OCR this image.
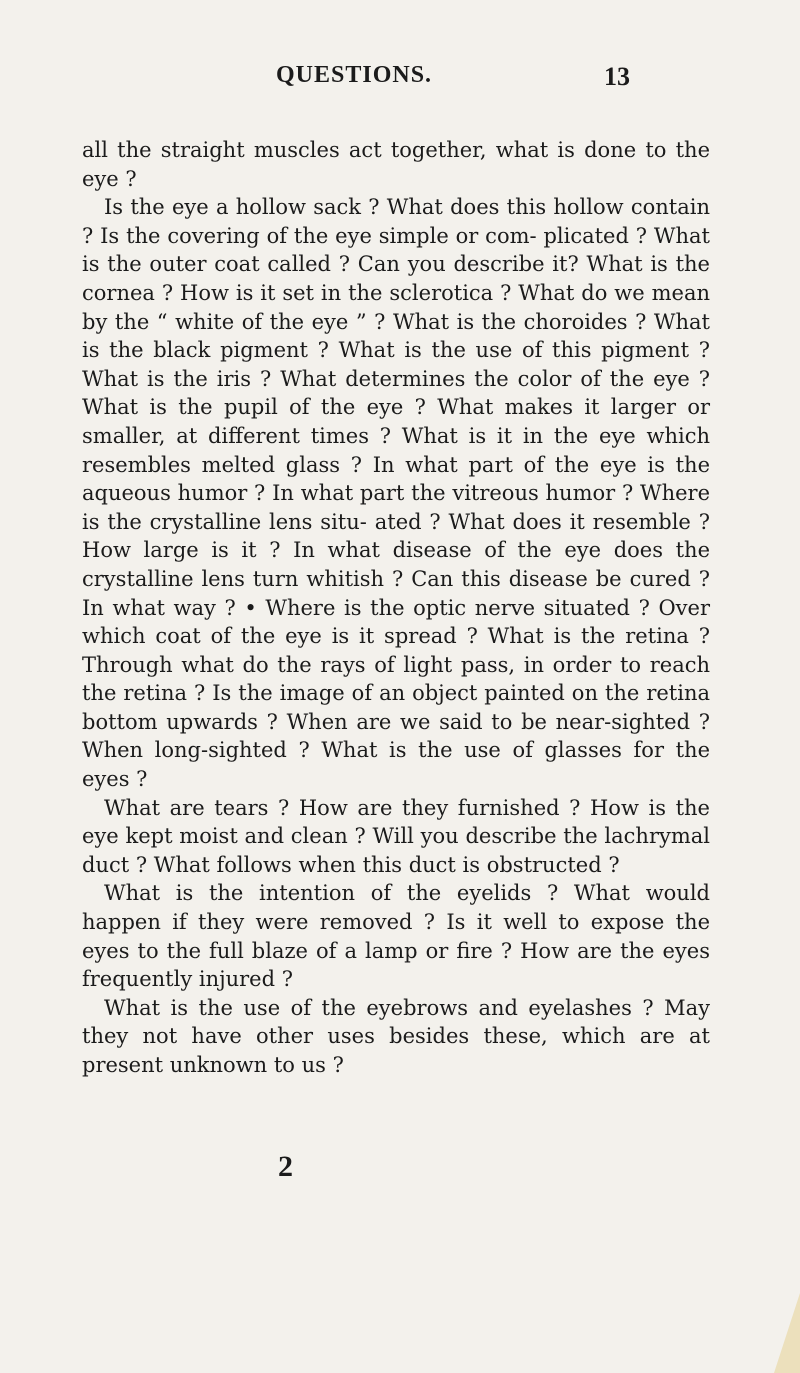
QUESTIONS.	13

all the straight muscles act together, what is done to the eye ?

Is the eye a hollow sack ? What does this hollow contain ? Is the covering of the eye simple or com- plicated ? What is the outer coat called ? Can you describe it? What is the cornea ? How is it set in the sclerotica ? What do we mean by the “ white of the eye ” ? What is the choroides ? What is the black pigment ? What is the use of this pigment ? What is the iris ? What determines the color of the eye ? What is the pupil of the eye ? What makes it larger or smaller, at different times ? What is it in the eye which resembles melted glass ? In what part of the eye is the aqueous humor ? In what part the vitreous humor ? Where is the crystalline lens situ- ated ? What does it resemble ? How large is it ? In what disease of the eye does the crystalline lens turn whitish ? Can this disease be cured ? In what way ? • Where is the optic nerve situated ? Over which coat of the eye is it spread ? What is the retina ? Through what do the rays of light pass, in order to reach the retina ? Is the image of an object painted on the retina bottom upwards ? When are we said to be near-sighted ? When long-sighted ? What is the use of glasses for the eyes ?

What are tears ? How are they furnished ? How is the eye kept moist and clean ? Will you describe the lachrymal duct ? What follows when this duct is obstructed ?

What is the intention of the eyelids ? What would happen if they were removed ? Is it well to expose the eyes to the full blaze of a lamp or fire ? How are the eyes frequently injured ?

What is the use of the eyebrows and eyelashes ? May they not have other uses besides these, which are at present unknown to us ?

2
